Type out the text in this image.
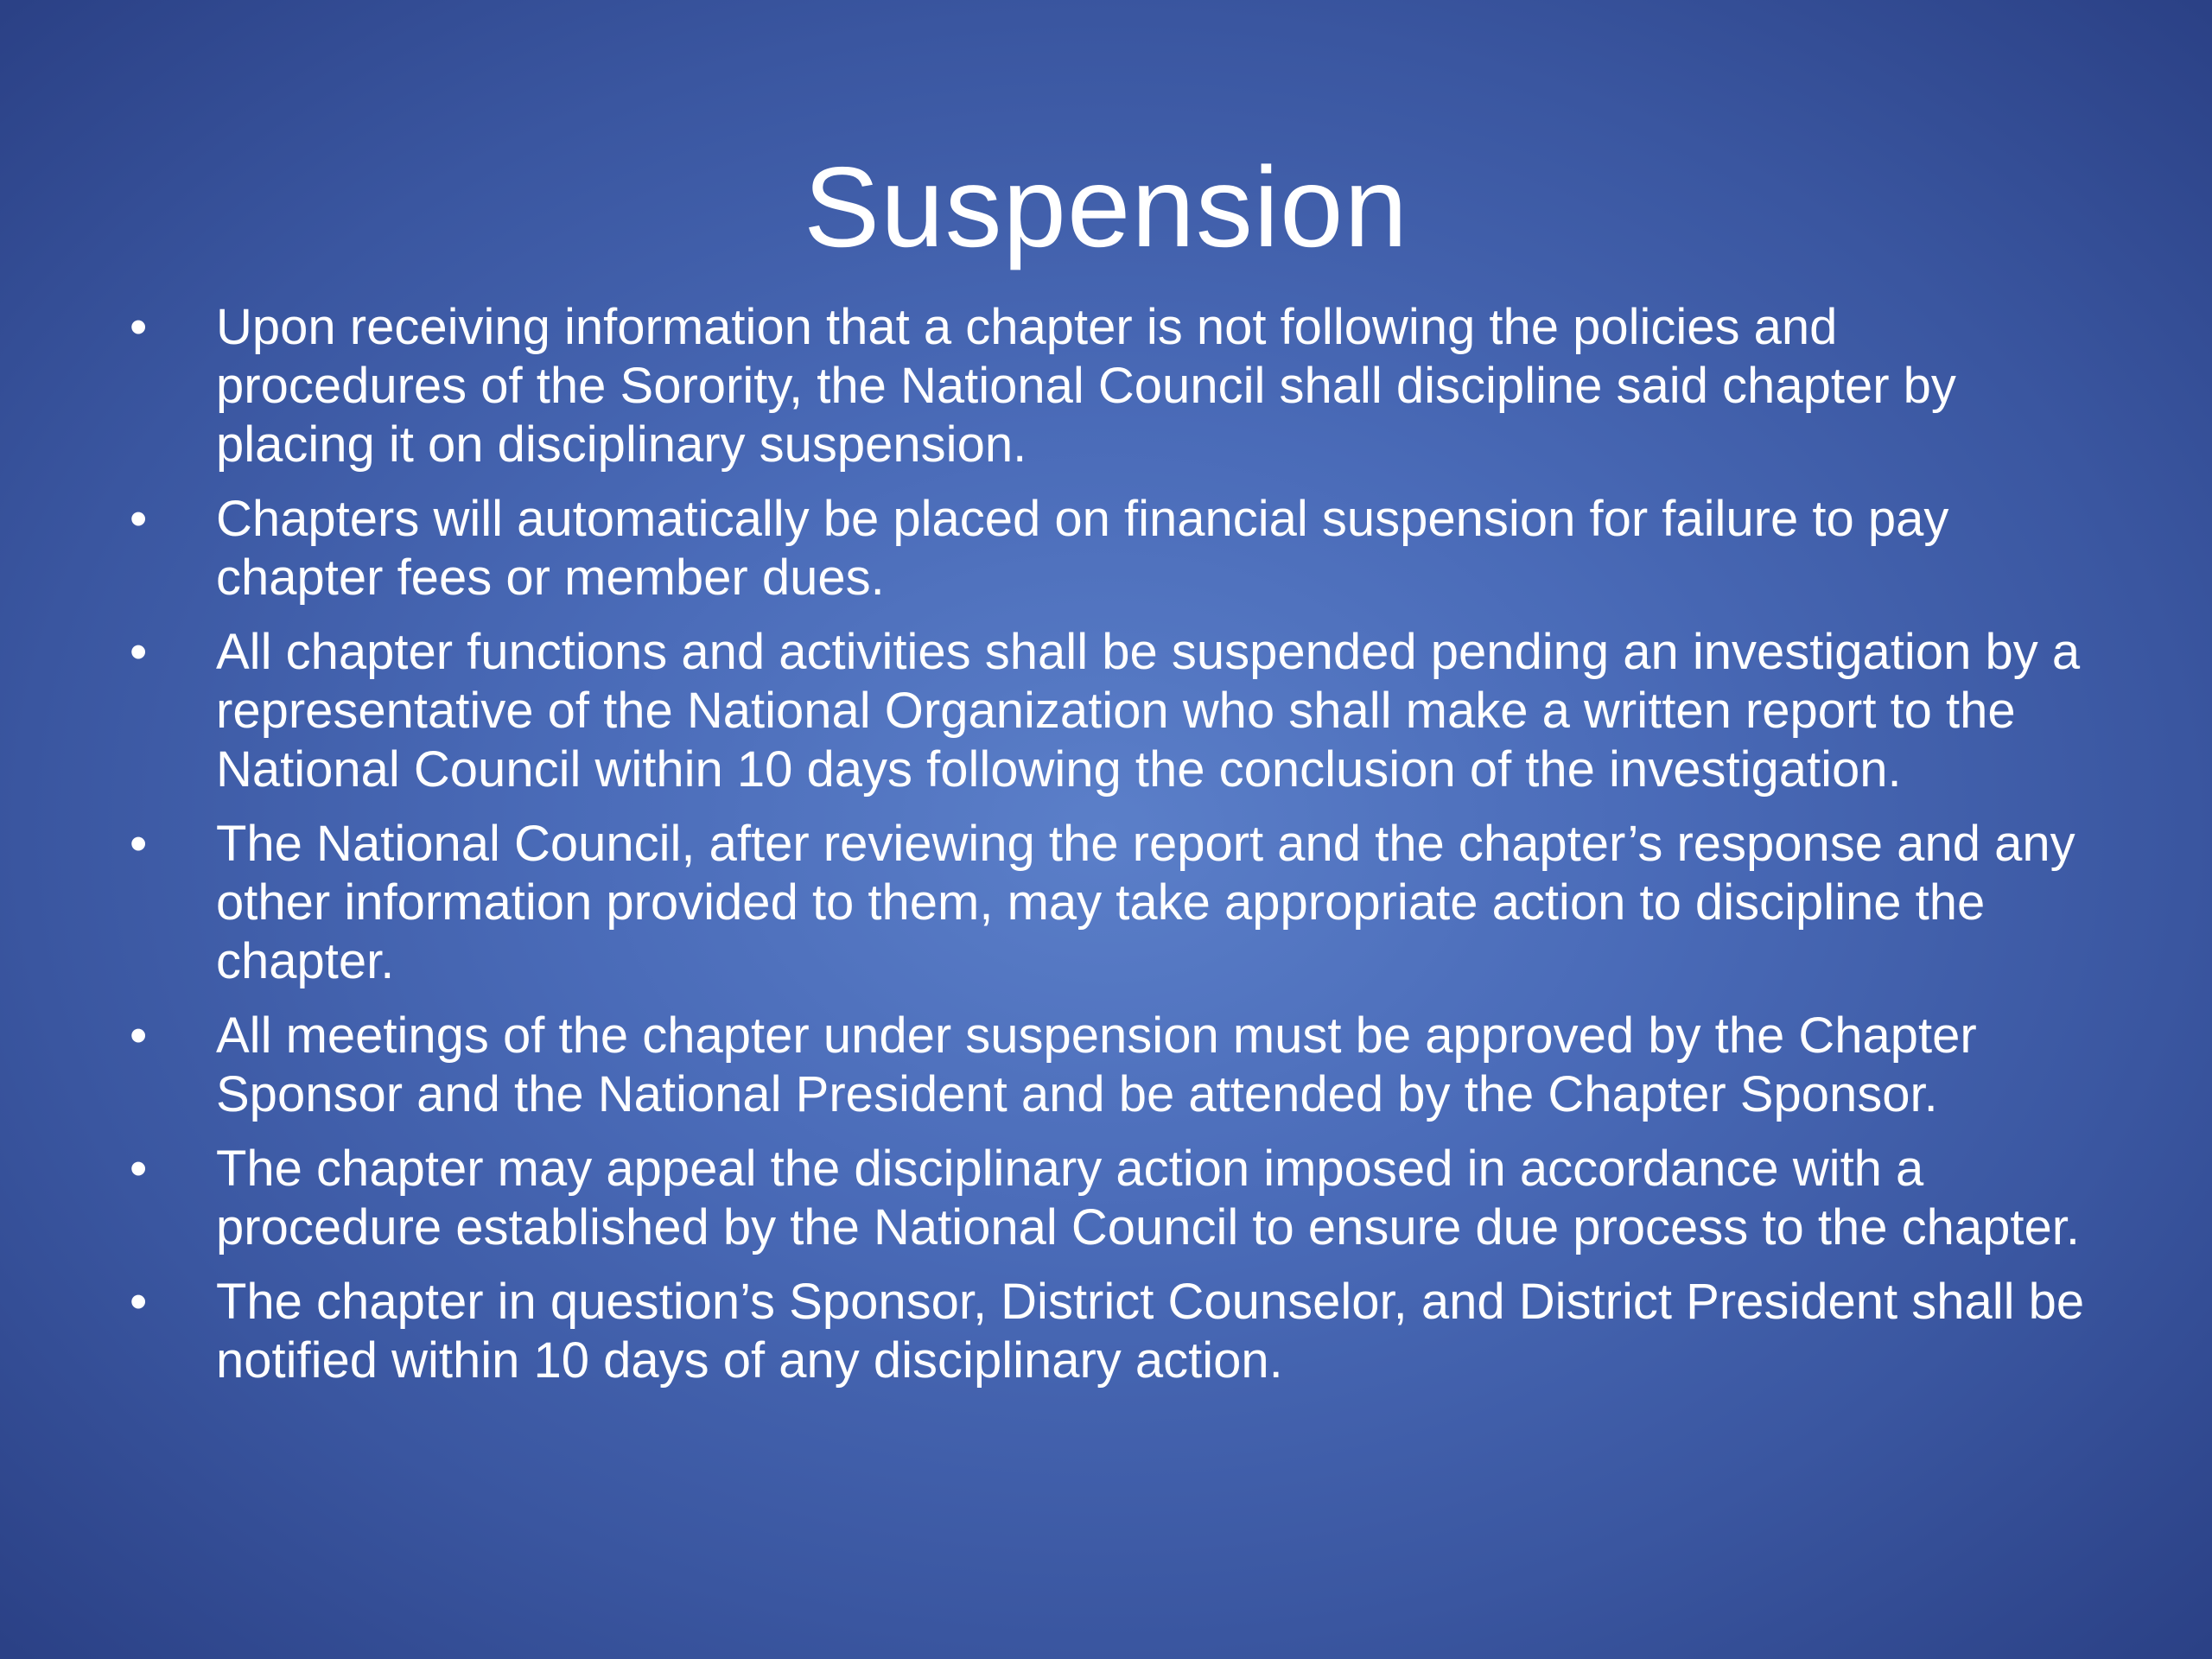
Suspension
• Upon receiving information that a chapter is not following the policies and procedures of the Sorority, the National Council shall discipline said chapter by placing it on disciplinary suspension.
• Chapters will automatically be placed on financial suspension for failure to pay chapter fees or member dues.
• All chapter functions and activities shall be suspended pending an investigation by a representative of the National Organization who shall make a written report to the National Council within 10 days following the conclusion of the investigation.
• The National Council, after reviewing the report and the chapter’s response and any other information provided to them, may take appropriate action to discipline the chapter.
• All meetings of the chapter under suspension must be approved by the Chapter Sponsor and the National President and be attended by the Chapter Sponsor.
• The chapter may appeal the disciplinary action imposed in accordance with a procedure established by the National Council to ensure due process to the chapter.
• The chapter in question’s Sponsor, District Counselor, and District President shall be notified within 10 days of any disciplinary action.
